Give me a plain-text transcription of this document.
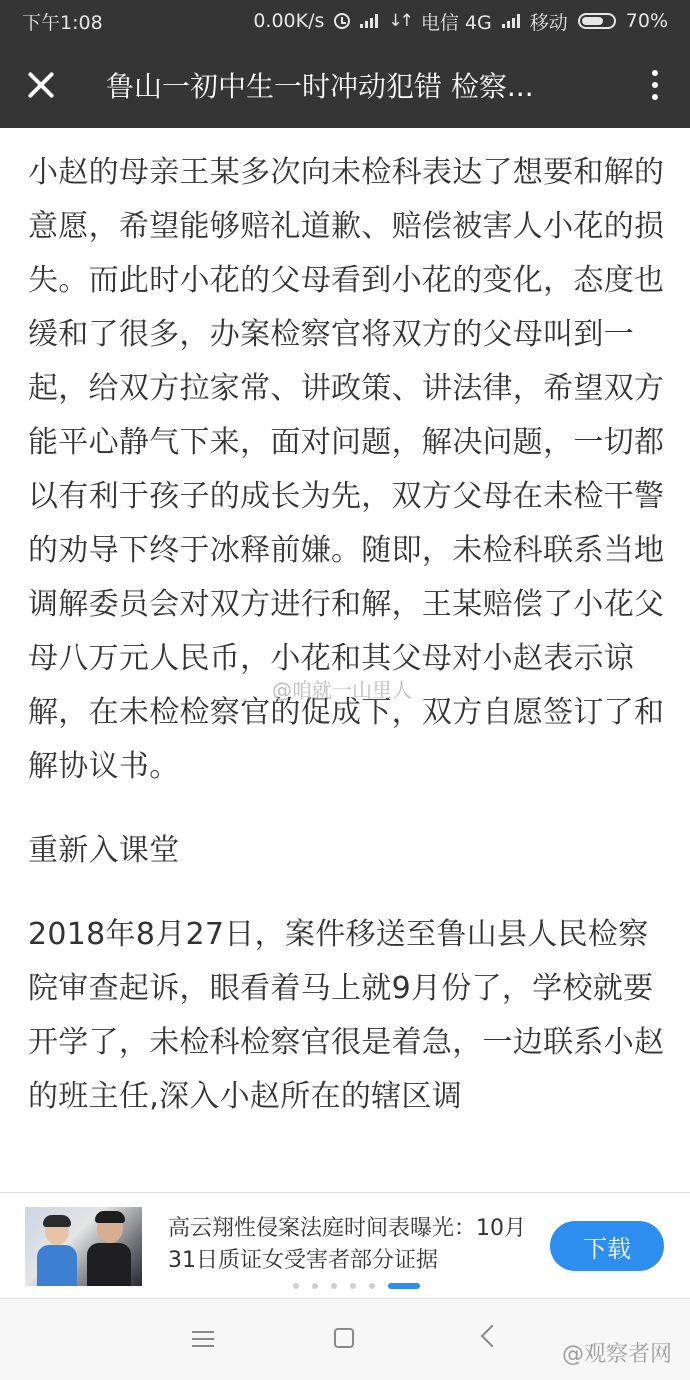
下午1:08	0.00K/s	↓↑ 电信 4G 移动	70%
鲁山一初中生一时冲动犯错 检察...

小赵的母亲王某多次向未检科表达了想要和解的意愿，希望能够赔礼道歉、赔偿被害人小花的损失。而此时小花的父母看到小花的变化，态度也缓和了很多，办案检察官将双方的父母叫到一起，给双方拉家常、讲政策、讲法律，希望双方能平心静气下来，面对问题，解决问题，一切都以有利于孩子的成长为先，双方父母在未检干警的劝导下终于冰释前嫌。随即，未检科联系当地调解委员会对双方进行和解，王某赔偿了小花父母八万元人民币，小花和其父母对小赵表示谅解，在未检检察官的促成下，双方自愿签订了和解协议书。

重新入课堂

2018年8月27日，案件移送至鲁山县人民检察院审查起诉，眼看着马上就9月份了，学校就要开学了，未检科检察官很是着急，一边联系小赵的班主任,深入小赵所在的辖区调

@咱就一山里人
高云翔性侵案法庭时间表曝光：10月31日质证女受害者部分证据	下载
@观察者网
